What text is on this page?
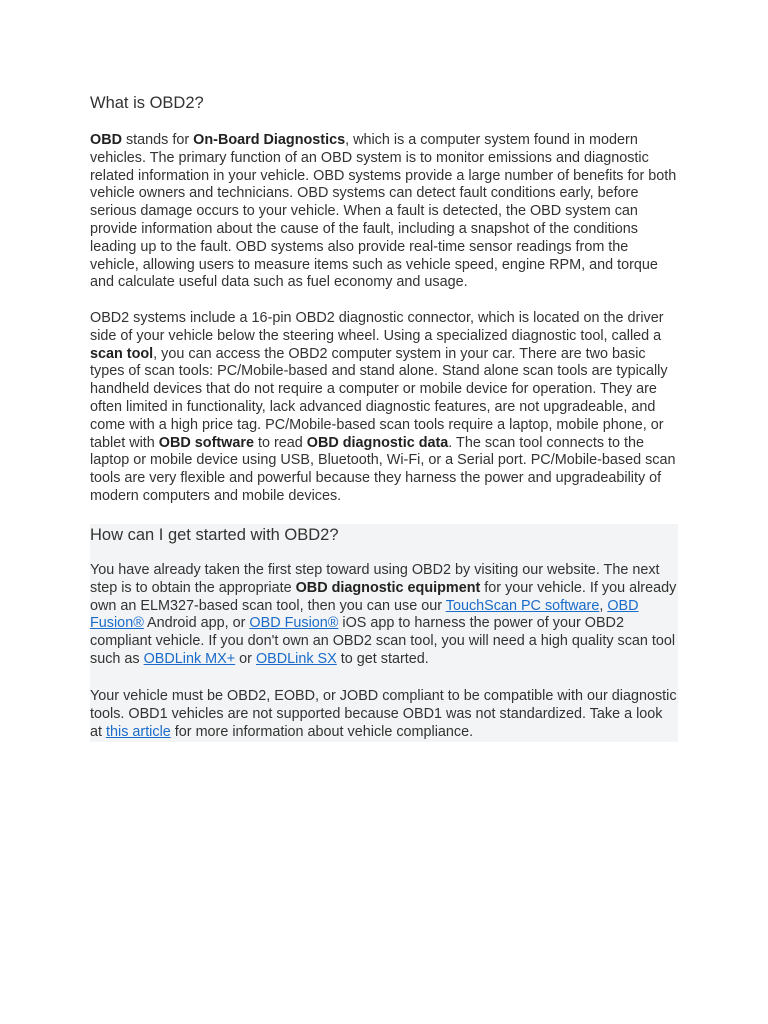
What is OBD2?

OBD stands for On-Board Diagnostics, which is a computer system found in modern vehicles. The primary function of an OBD system is to monitor emissions and diagnostic related information in your vehicle. OBD systems provide a large number of benefits for both vehicle owners and technicians. OBD systems can detect fault conditions early, before serious damage occurs to your vehicle. When a fault is detected, the OBD system can provide information about the cause of the fault, including a snapshot of the conditions leading up to the fault. OBD systems also provide real-time sensor readings from the vehicle, allowing users to measure items such as vehicle speed, engine RPM, and torque and calculate useful data such as fuel economy and usage.

OBD2 systems include a 16-pin OBD2 diagnostic connector, which is located on the driver side of your vehicle below the steering wheel. Using a specialized diagnostic tool, called a scan tool, you can access the OBD2 computer system in your car. There are two basic types of scan tools: PC/Mobile-based and stand alone. Stand alone scan tools are typically handheld devices that do not require a computer or mobile device for operation. They are often limited in functionality, lack advanced diagnostic features, are not upgradeable, and come with a high price tag. PC/Mobile-based scan tools require a laptop, mobile phone, or tablet with OBD software to read OBD diagnostic data. The scan tool connects to the laptop or mobile device using USB, Bluetooth, Wi-Fi, or a Serial port. PC/Mobile-based scan tools are very flexible and powerful because they harness the power and upgradeability of modern computers and mobile devices.

How can I get started with OBD2?

You have already taken the first step toward using OBD2 by visiting our website. The next step is to obtain the appropriate OBD diagnostic equipment for your vehicle. If you already own an ELM327-based scan tool, then you can use our TouchScan PC software, OBD Fusion® Android app, or OBD Fusion® iOS app to harness the power of your OBD2 compliant vehicle. If you don't own an OBD2 scan tool, you will need a high quality scan tool such as OBDLink MX+ or OBDLink SX to get started.

Your vehicle must be OBD2, EOBD, or JOBD compliant to be compatible with our diagnostic tools. OBD1 vehicles are not supported because OBD1 was not standardized. Take a look at this article for more information about vehicle compliance.
